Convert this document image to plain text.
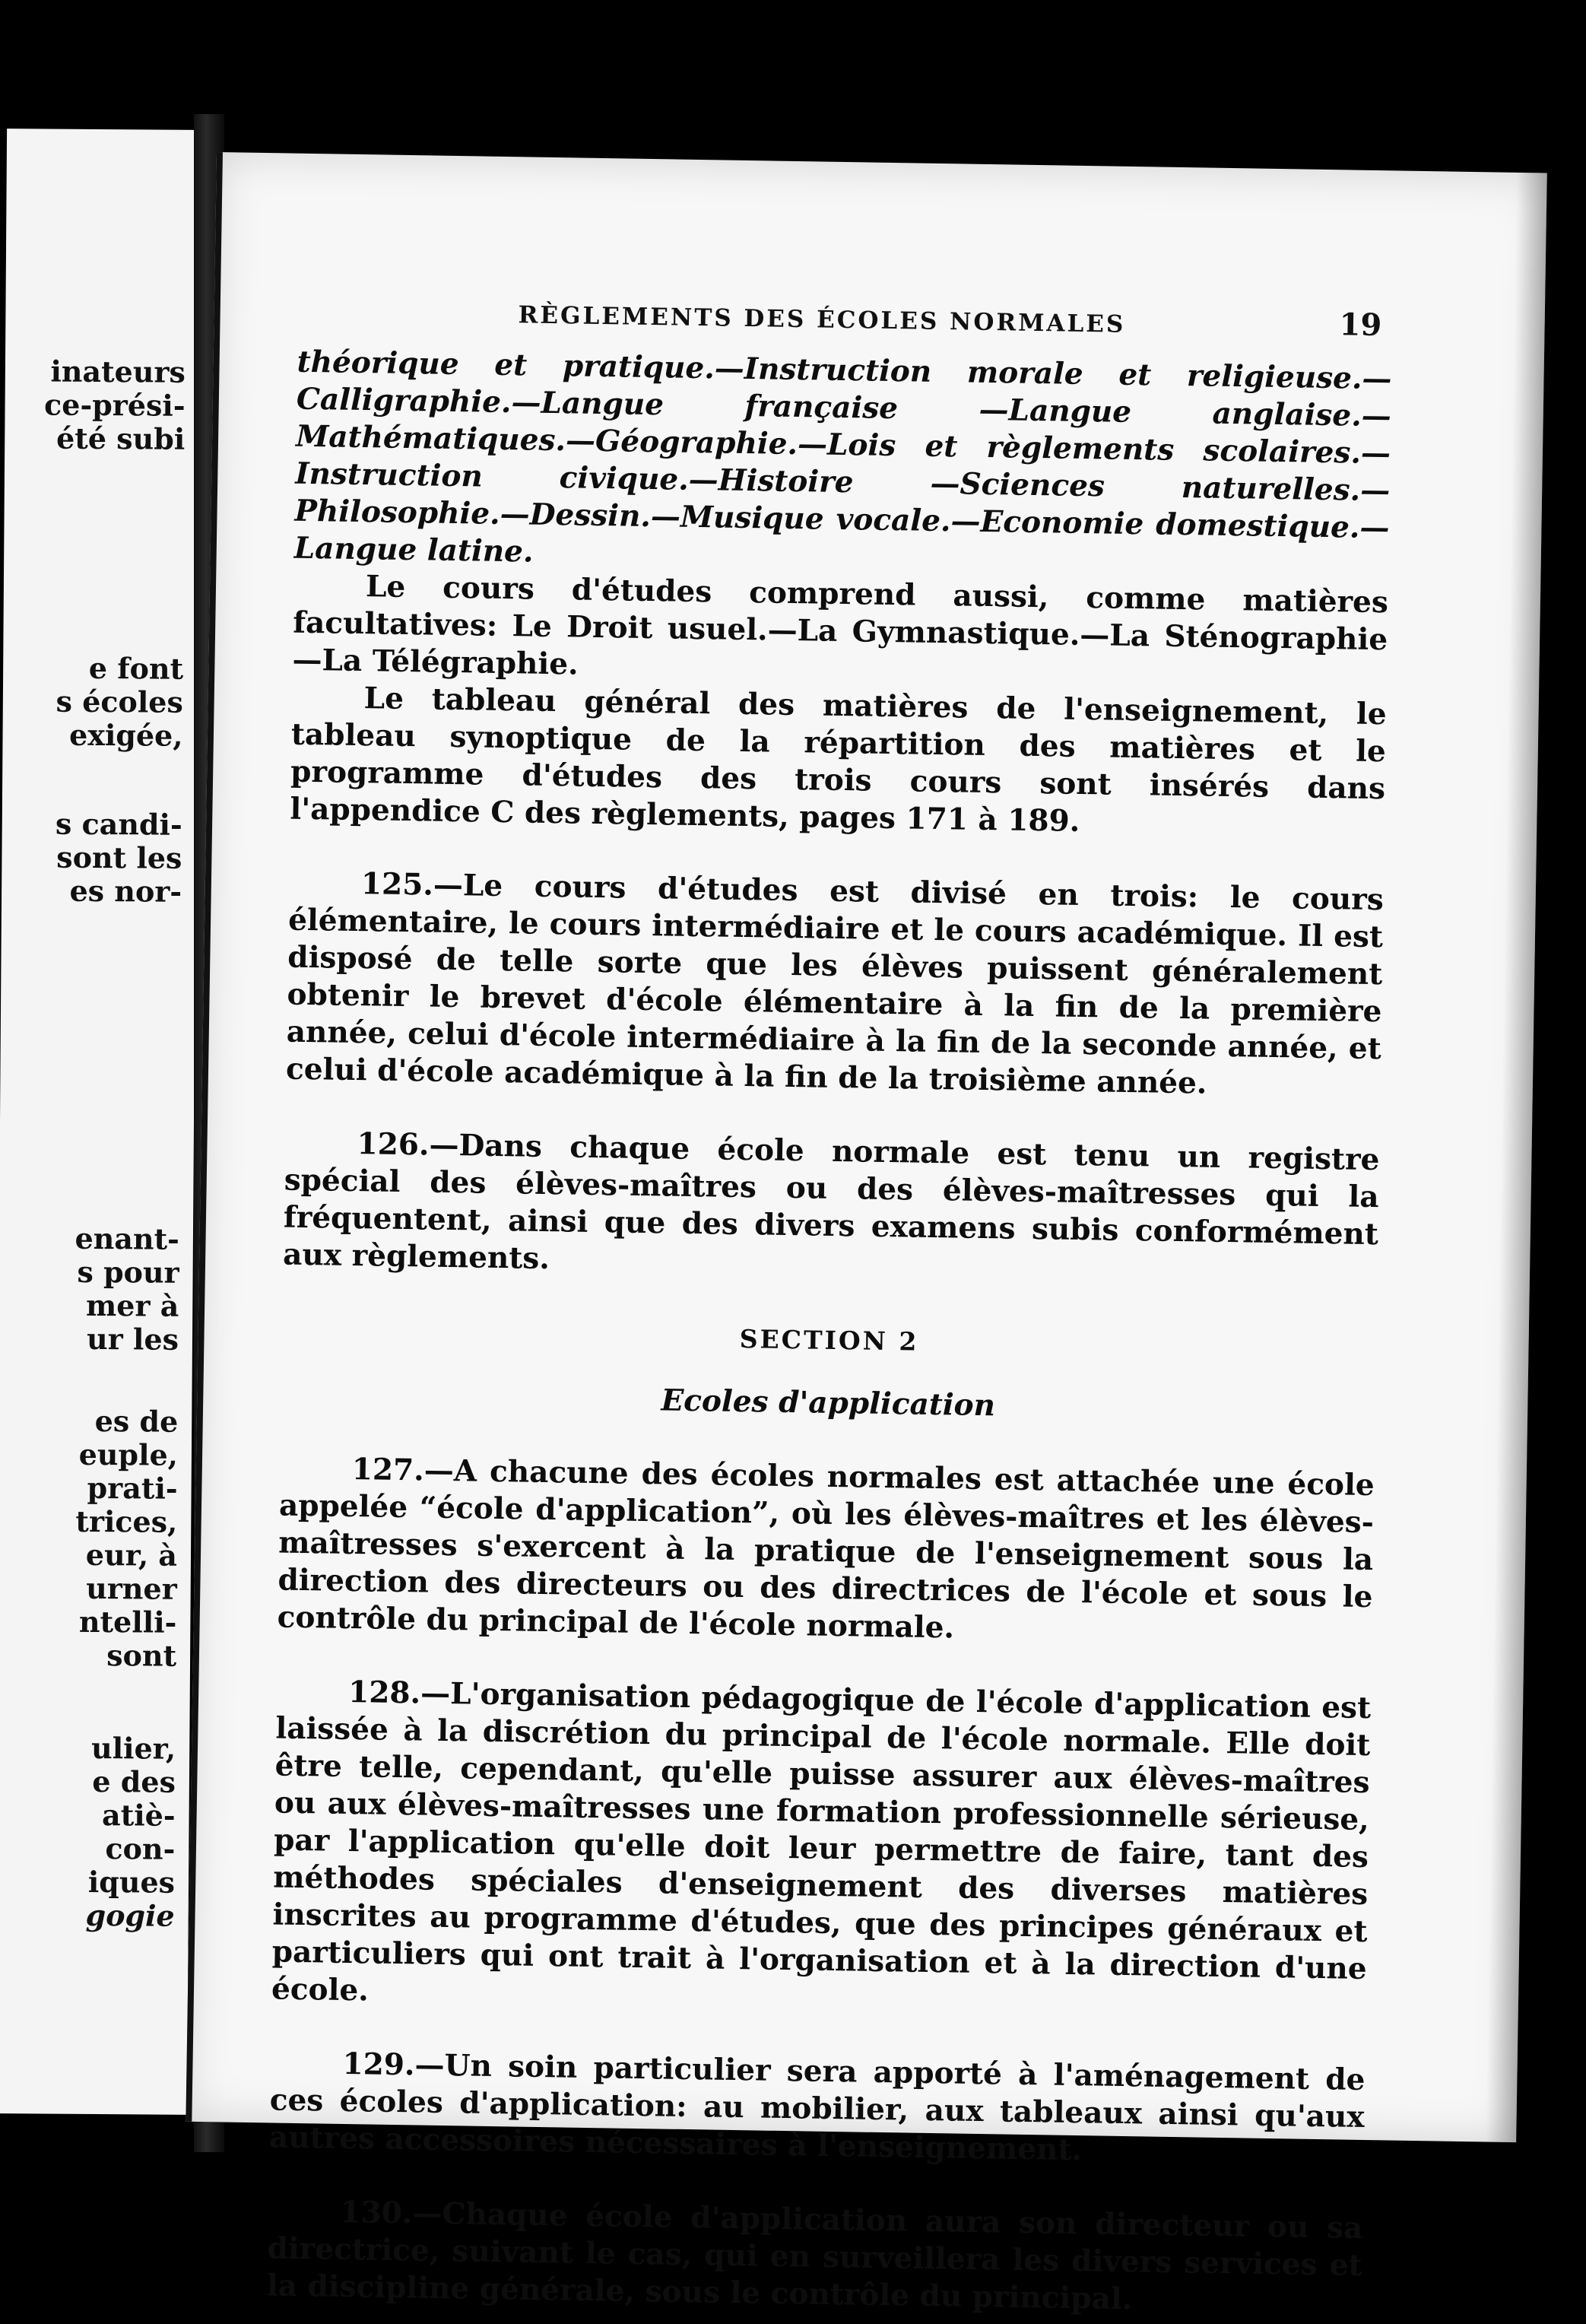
inateurs
ce-prési-
été subi
e font
s écoles
exigée,
s candi-
sont les
es nor-
enant-
s pour
mer à
ur les
es de
euple,
prati-
trices,
eur, à
urner
ntelli-
sont
ulier,
e des
atiè-
con-
iques
gogie
RÈGLEMENTS DES ÉCOLES NORMALES	19

théorique et pratique.—Instruction morale et religieuse.—Calligraphie.—Langue française —Langue anglaise.—Mathématiques.—Géographie.—Lois et règlements scolaires.—Instruction civique.—Histoire —Sciences naturelles.—Philosophie.—Dessin.—Musique vocale.—Economie domestique.—Langue latine.

Le cours d'études comprend aussi, comme matières facultatives: Le Droit usuel.—La Gymnastique.—La Sténographie —La Télégraphie.

Le tableau général des matières de l'enseignement, le tableau synoptique de la répartition des matières et le programme d'études des trois cours sont insérés dans l'appendice C des règlements, pages 171 à 189.

125.—Le cours d'études est divisé en trois: le cours élémentaire, le cours intermédiaire et le cours académique. Il est disposé de telle sorte que les élèves puissent généralement obtenir le brevet d'école élémentaire à la fin de la première année, celui d'école intermédiaire à la fin de la seconde année, et celui d'école académique à la fin de la troisième année.

126.—Dans chaque école normale est tenu un registre spécial des élèves-maîtres ou des élèves-maîtresses qui la fréquentent, ainsi que des divers examens subis conformément aux règlements.

SECTION 2
Ecoles d'application

127.—A chacune des écoles normales est attachée une école appelée “école d'application”, où les élèves-maîtres et les élèves-maîtresses s'exercent à la pratique de l'enseignement sous la direction des directeurs ou des directrices de l'école et sous le contrôle du principal de l'école normale.

128.—L'organisation pédagogique de l'école d'application est laissée à la discrétion du principal de l'école normale. Elle doit être telle, cependant, qu'elle puisse assurer aux élèves-maîtres ou aux élèves-maîtresses une formation professionnelle sérieuse, par l'application qu'elle doit leur permettre de faire, tant des méthodes spéciales d'enseignement des diverses matières inscrites au programme d'études, que des principes généraux et particuliers qui ont trait à l'organisation et à la direction d'une école.

129.—Un soin particulier sera apporté à l'aménagement de ces écoles d'application: au mobilier, aux tableaux ainsi qu'aux autres accessoires nécessaires à l'enseignement.

130.—Chaque école d'application aura son directeur ou sa directrice, suivant le cas, qui en surveillera les divers services et la discipline générale, sous le contrôle du principal.
